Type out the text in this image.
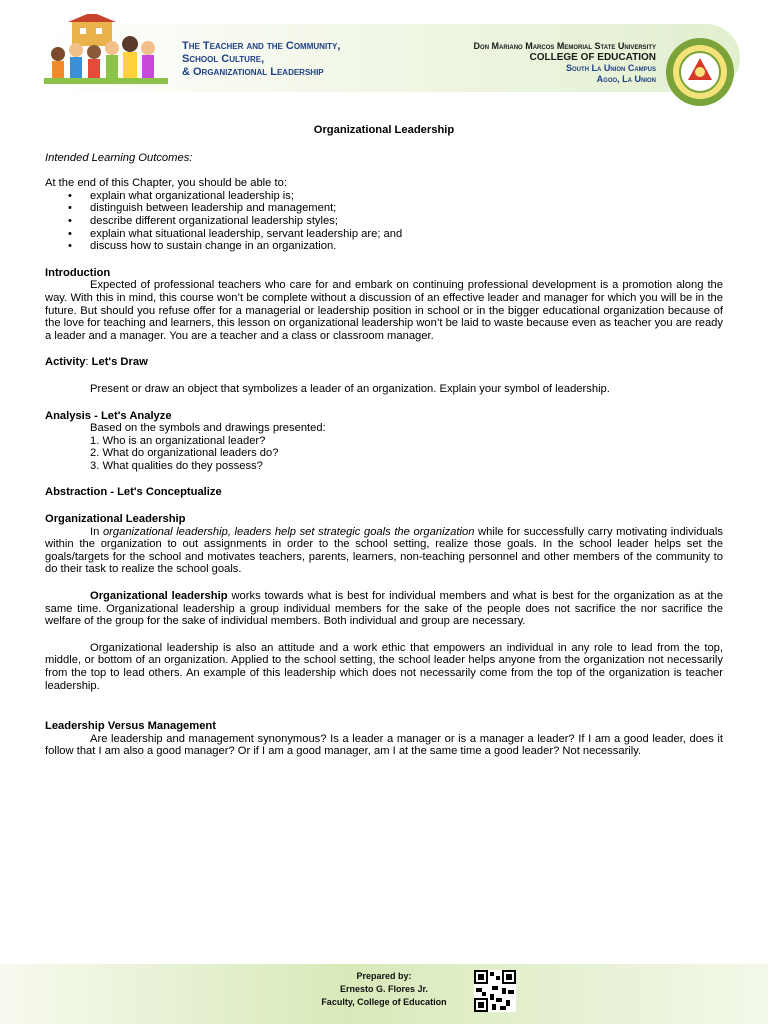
The Teacher and the Community,
School Culture,
& Organizational Leadership
Don Mariano Marcos Memorial State University
COLLEGE OF EDUCATION
South La Union Campus
Agoo, La Union
Organizational Leadership
Intended Learning Outcomes:

At the end of this Chapter, you should be able to:

• explain what organizational leadership is;
• distinguish between leadership and management;
• describe different organizational leadership styles;
• explain what situational leadership, servant leadership are; and
• discuss how to sustain change in an organization.
Introduction

Expected of professional teachers who care for and embark on continuing professional development is a promotion along the way. With this in mind, this course won’t be complete without a discussion of an effective leader and manager for which you will be in the future. But should you refuse offer for a managerial or leadership position in school or in the bigger educational organization because of the love for teaching and learners, this lesson on organizational leadership won’t be laid to waste because even as teacher you are ready a leader and a manager. You are a teacher and a class or classroom manager.

Activity: Let's Draw

Present or draw an object that symbolizes a leader of an organization. Explain your symbol of leadership.

Analysis - Let's Analyze
Based on the symbols and drawings presented:
1. Who is an organizational leader?
2. What do organizational leaders do?
3. What qualities do they possess?
Abstraction - Let's Conceptualize
Organizational Leadership

In organizational leadership, leaders help set strategic goals the organization while for successfully carry motivating individuals within the organization to out assignments in order to the school setting, realize those goals. In the school leader helps set the goals/targets for the school and motivates teachers, parents, learners, non-teaching personnel and other members of the community to do their task to realize the school goals.

Organizational leadership works towards what is best for individual members and what is best for the organization as at the same time. Organizational leadership a group individual members for the sake of the people does not sacrifice the nor sacrifice the welfare of the group for the sake of individual members. Both individual and group are necessary.

Organizational leadership is also an attitude and a work ethic that empowers an individual in any role to lead from the top, middle, or bottom of an organization. Applied to the school setting, the school leader helps anyone from the organization not necessarily from the top to lead others. An example of this leadership which does not necessarily come from the top of the organization is teacher leadership.

Leadership Versus Management

Are leadership and management synonymous? Is a leader a manager or is a manager a leader? If I am a good leader, does it follow that I am also a good manager? Or if I am a good manager, am I at the same time a good leader? Not necessarily.

Prepared by:
Ernesto G. Flores Jr.
Faculty, College of Education
